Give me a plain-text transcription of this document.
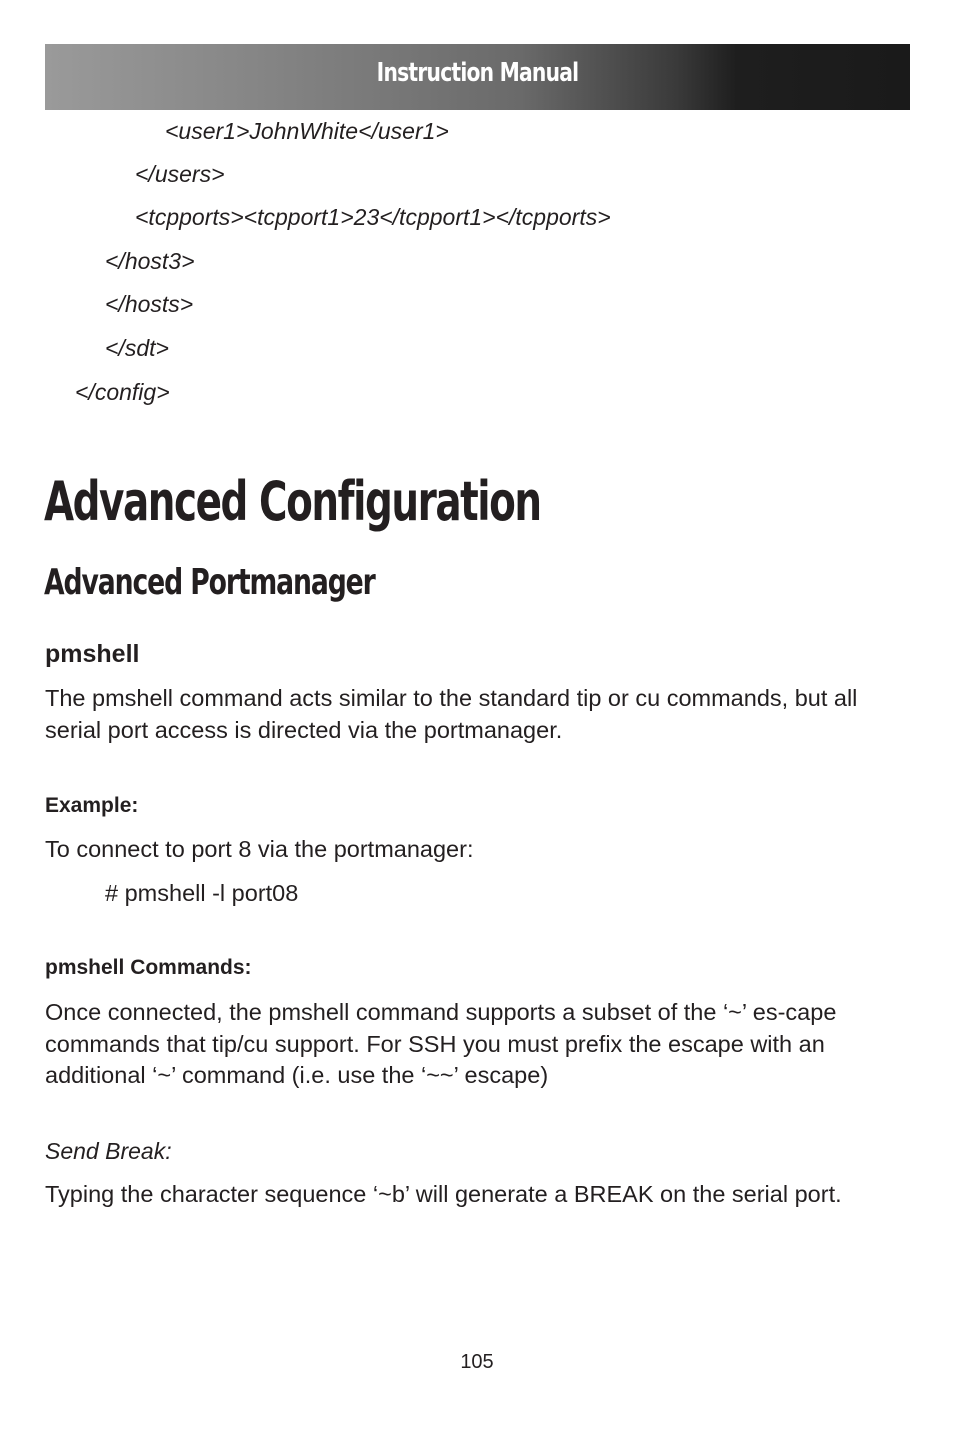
Instruction Manual

<user1>JohnWhite</user1>

</users>

<tcpports><tcpport1>23</tcpport1></tcpports>

</host3>

</hosts>

</sdt>

</config>

Advanced Configuration
Advanced Portmanager
pmshell

The pmshell command acts similar to the standard tip or cu commands, but all serial port access is directed via the portmanager.

Example:

To connect to port 8 via the portmanager:

# pmshell -l port08

pmshell Commands:

Once connected, the pmshell command supports a subset of the ‘~’ es-cape commands that tip/cu support. For SSH you must prefix the escape with an additional ‘~’ command (i.e. use the ‘~~’ escape)

Send Break:

Typing the character sequence ‘~b’ will generate a BREAK on the serial port.

105
